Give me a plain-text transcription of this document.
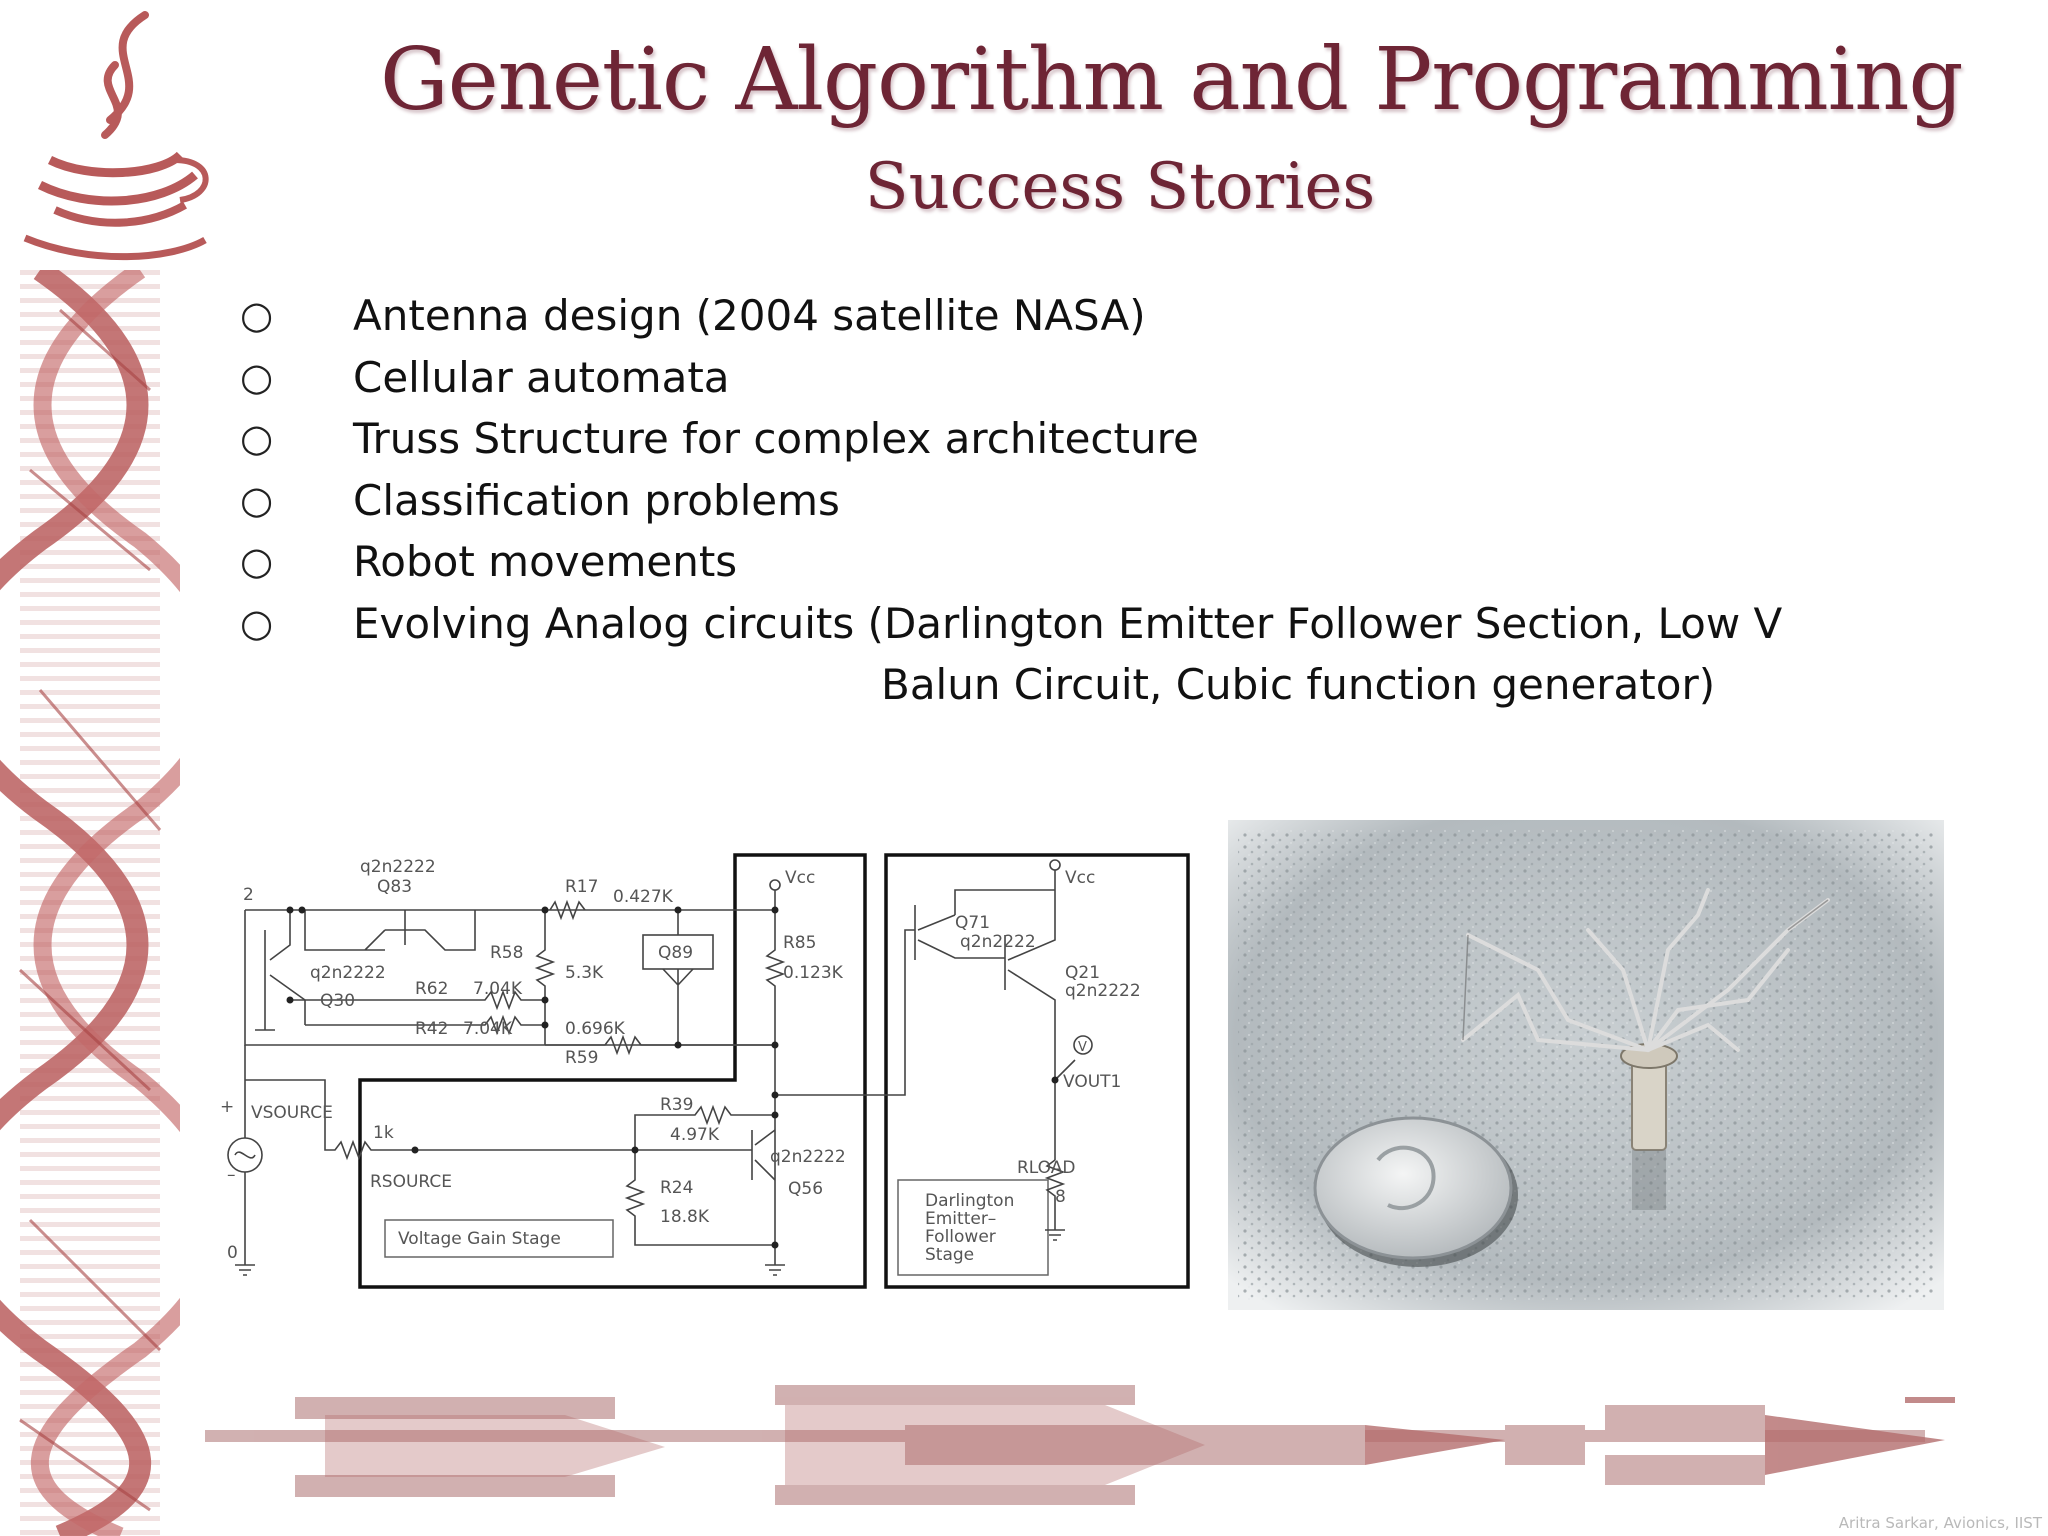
Genetic Algorithm and Programming
Success Stories
○ Antenna design (2004 satellite NASA)
○ Cellular automata
○ Truss Structure for complex architecture
○ Classification problems
○ Robot movements
○ Evolving Analog circuits (Darlington Emitter Follower Section, Low V
Balun Circuit, Cubic function generator)
2
0
+
–
q2n2222
Q83	R17 0.427K
Vcc
R58
5.3K
Q89	R85
0.123K
q2n2222
Q30
R62 7.04K
R42 7.04K
R59
0.696K
VSOURCE
1k
RSOURCE
R39
4.97K
q2n2222
Q56
R24
18.8K
Voltage Gain Stage
Vcc
Q71
q2n2222
Q21
q2n2222
V
VOUT1
RLOAD
8
Darlington
Emitter–
Follower
Stage
Aritra Sarkar, Avionics, IIST
